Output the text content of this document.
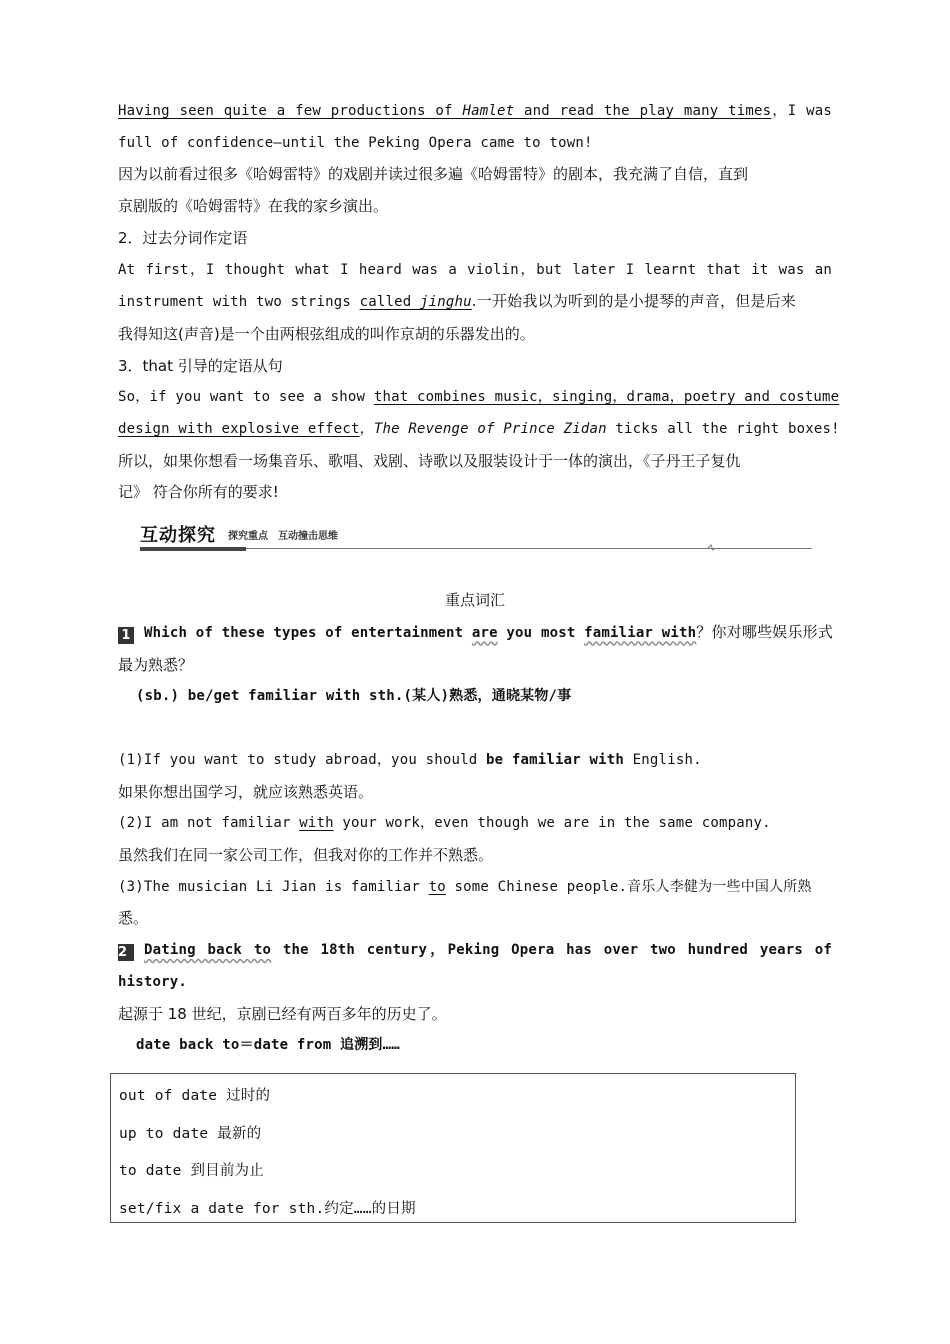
Having seen quite a few productions of Hamlet and read the play many times，I was
full of confidence—until the Peking Opera came to town!
因为以前看过很多《哈姆雷特》的戏剧并读过很多遍《哈姆雷特》的剧本，我充满了自信，直到
京剧版的《哈姆雷特》在我的家乡演出。
2．过去分词作定语
At first，I thought what I heard was a violin，but later I learnt that it was an
instrument with two strings called jinghu.一开始我以为听到的是小提琴的声音，但是后来
我得知这(声音)是一个由两根弦组成的叫作京胡的乐器发出的。
3．that 引导的定语从句
So，if you want to see a show that combines music，singing，drama，poetry and costume
design with explosive effect，The Revenge of Prince Zidan ticks all the right boxes!
所以，如果你想看一场集音乐、歌唱、戏剧、诗歌以及服装设计于一体的演出，《子丹王子复仇
记》 符合你所有的要求!
互动探究	探究重点　互动撞击思维
重点词汇
1 Which of these types of entertainment are you most familiar with？你对哪些娱乐形式
最为熟悉？
(sb.) be/get familiar with sth.(某人)熟悉，通晓某物/事
(1)If you want to study abroad，you should be familiar with English.
如果你想出国学习，就应该熟悉英语。
(2)I am not familiar with your work，even though we are in the same company.
虽然我们在同一家公司工作，但我对你的工作并不熟悉。
(3)The musician Li Jian is familiar to some Chinese people.音乐人李健为一些中国人所熟
悉。
2 Dating back to the 18th century，Peking Opera has over two hundred years of
history.
起源于 18 世纪，京剧已经有两百多年的历史了。
date back to＝date from 追溯到……
out of date 过时的
up to date 最新的
to date 到目前为止
set/fix a date for sth.约定……的日期
